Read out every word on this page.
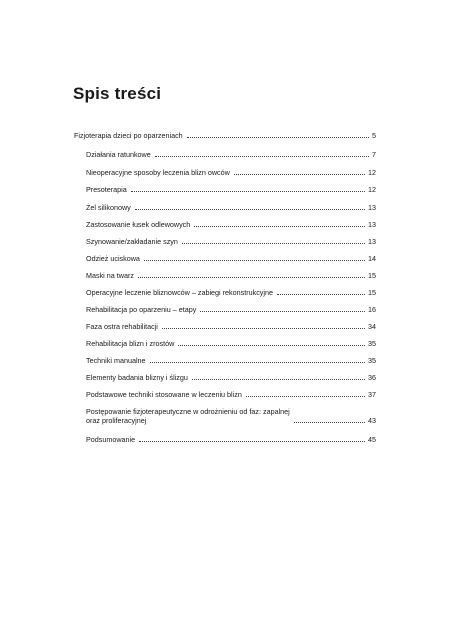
Spis treści
Fizjoterapia dzieci po oparzeniach	5
Działania ratunkowe	7
Nieoperacyjne sposoby leczenia blizn owców	12
Presoterapia	12
Żel silikonowy	13
Zastosowanie łusek odlewowych	13
Szynowanie/zakładanie szyn	13
Odzież uciskowa	14
Maski na twarz	15
Operacyjne leczenie bliznowców – zabiegi rekonstrukcyjne	15
Rehabilitacja po oparzeniu – etapy	16
Faza ostra rehabilitacji	34
Rehabilitacja blizn i zrostów	35
Techniki manualne	35
Elementy badania blizny i ślizgu	36
Podstawowe techniki stosowane w leczeniu blizn	37
Postępowanie fizjoterapeutyczne w odrożnieniu od faz: zapalnej
oraz proliferacyjnej	43
Podsumowanie	45
